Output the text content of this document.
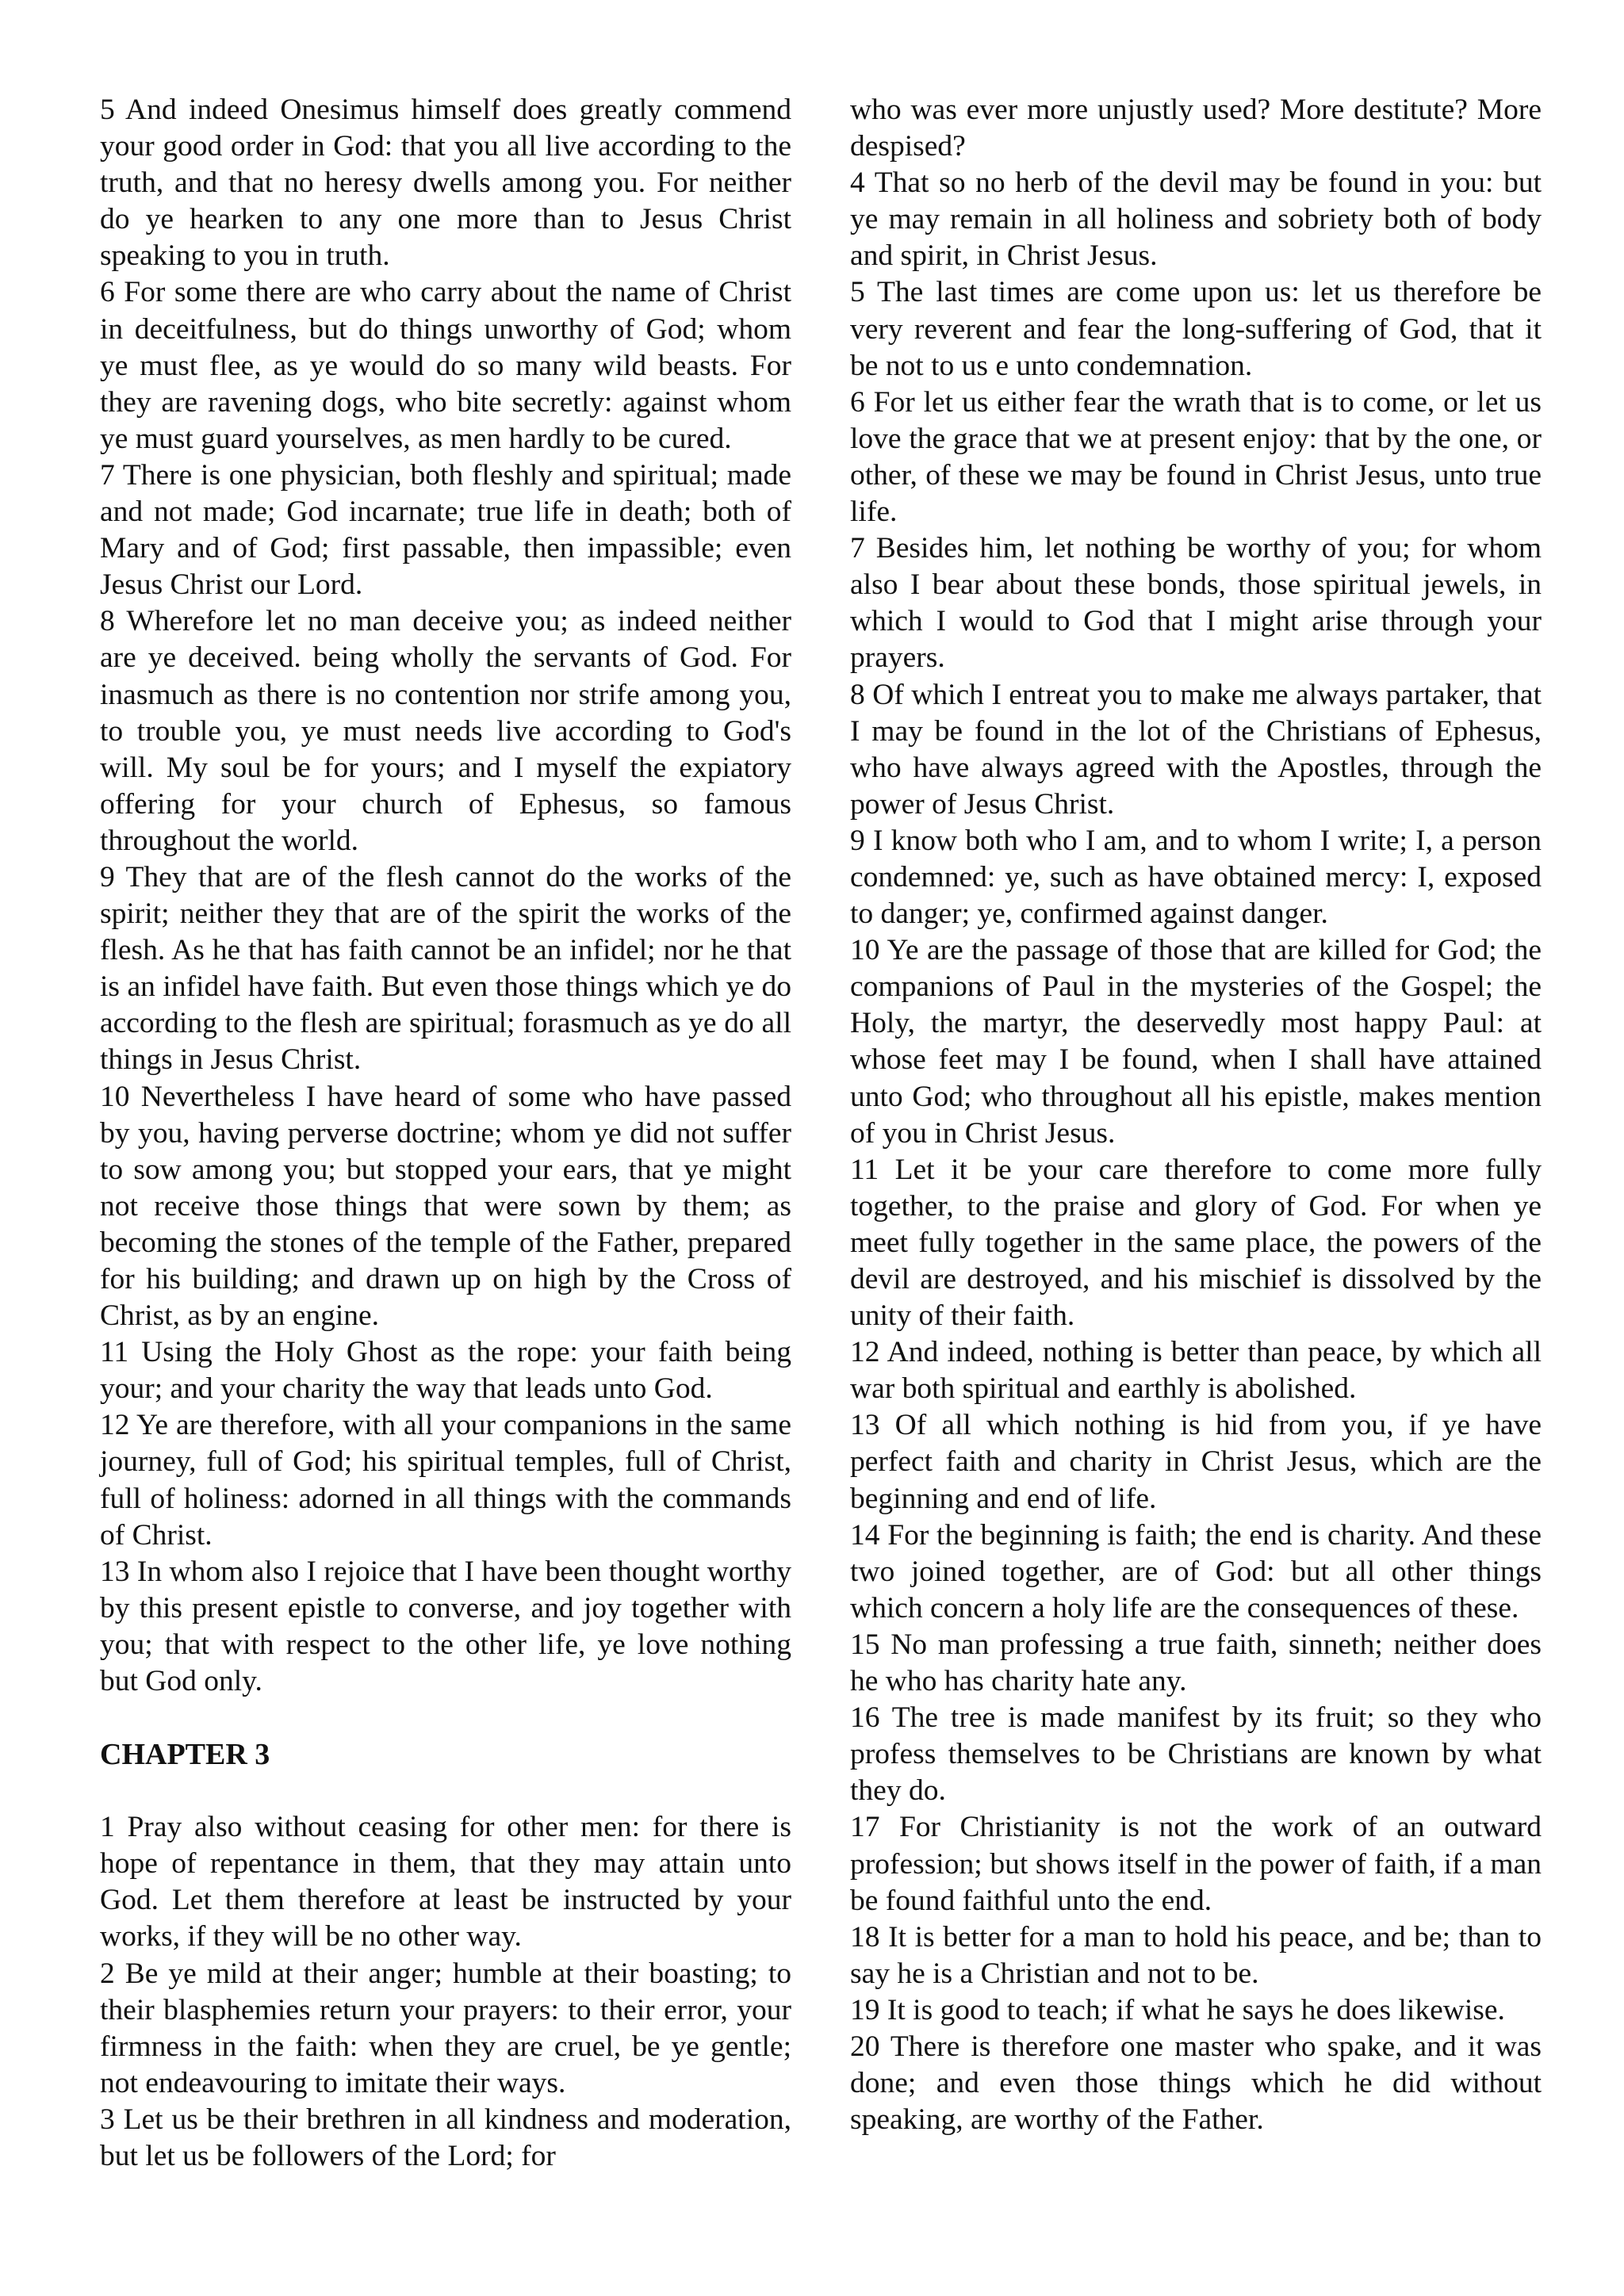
5 And indeed Onesimus himself does greatly commend your good order in God: that you all live according to the truth, and that no heresy dwells among you. For neither do ye hearken to any one more than to Jesus Christ speaking to you in truth.

6 For some there are who carry about the name of Christ in deceitfulness, but do things unworthy of God; whom ye must flee, as ye would do so many wild beasts. For they are ravening dogs, who bite secretly: against whom ye must guard yourselves, as men hardly to be cured.

7 There is one physician, both fleshly and spiritual; made and not made; God incarnate; true life in death; both of Mary and of God; first passable, then impassible; even Jesus Christ our Lord.

8 Wherefore let no man deceive you; as indeed neither are ye deceived. being wholly the servants of God. For inasmuch as there is no contention nor strife among you, to trouble you, ye must needs live according to God's will. My soul be for yours; and I myself the expiatory offering for your church of Ephesus, so famous throughout the world.

9 They that are of the flesh cannot do the works of the spirit; neither they that are of the spirit the works of the flesh. As he that has faith cannot be an infidel; nor he that is an infidel have faith. But even those things which ye do according to the flesh are spiritual; forasmuch as ye do all things in Jesus Christ.

10 Nevertheless I have heard of some who have passed by you, having perverse doctrine; whom ye did not suffer to sow among you; but stopped your ears, that ye might not receive those things that were sown by them; as becoming the stones of the temple of the Father, prepared for his building; and drawn up on high by the Cross of Christ, as by an engine.

11 Using the Holy Ghost as the rope: your faith being your; and your charity the way that leads unto God.

12 Ye are therefore, with all your companions in the same journey, full of God; his spiritual temples, full of Christ, full of holiness: adorned in all things with the commands of Christ.

13 In whom also I rejoice that I have been thought worthy by this present epistle to converse, and joy together with you; that with respect to the other life, ye love nothing but God only.

CHAPTER 3

1 Pray also without ceasing for other men: for there is hope of repentance in them, that they may attain unto God. Let them therefore at least be instructed by your works, if they will be no other way.

2 Be ye mild at their anger; humble at their boasting; to their blasphemies return your prayers: to their error, your firmness in the faith: when they are cruel, be ye gentle; not endeavouring to imitate their ways.

3 Let us be their brethren in all kindness and moderation, but let us be followers of the Lord; for

who was ever more unjustly used? More destitute? More despised?

4 That so no herb of the devil may be found in you: but ye may remain in all holiness and sobriety both of body and spirit, in Christ Jesus.

5 The last times are come upon us: let us therefore be very reverent and fear the long-suffering of God, that it be not to us e unto condemnation.

6 For let us either fear the wrath that is to come, or let us love the grace that we at present enjoy: that by the one, or other, of these we may be found in Christ Jesus, unto true life.

7 Besides him, let nothing be worthy of you; for whom also I bear about these bonds, those spiritual jewels, in which I would to God that I might arise through your prayers.

8 Of which I entreat you to make me always partaker, that I may be found in the lot of the Christians of Ephesus, who have always agreed with the Apostles, through the power of Jesus Christ.

9 I know both who I am, and to whom I write; I, a person condemned: ye, such as have obtained mercy: I, exposed to danger; ye, confirmed against danger.

10 Ye are the passage of those that are killed for God; the companions of Paul in the mysteries of the Gospel; the Holy, the martyr, the deservedly most happy Paul: at whose feet may I be found, when I shall have attained unto God; who throughout all his epistle, makes mention of you in Christ Jesus.

11 Let it be your care therefore to come more fully together, to the praise and glory of God. For when ye meet fully together in the same place, the powers of the devil are destroyed, and his mischief is dissolved by the unity of their faith.

12 And indeed, nothing is better than peace, by which all war both spiritual and earthly is abolished.

13 Of all which nothing is hid from you, if ye have perfect faith and charity in Christ Jesus, which are the beginning and end of life.

14 For the beginning is faith; the end is charity. And these two joined together, are of God: but all other things which concern a holy life are the consequences of these.

15 No man professing a true faith, sinneth; neither does he who has charity hate any.

16 The tree is made manifest by its fruit; so they who profess themselves to be Christians are known by what they do.

17 For Christianity is not the work of an outward profession; but shows itself in the power of faith, if a man be found faithful unto the end.

18 It is better for a man to hold his peace, and be; than to say he is a Christian and not to be.

19 It is good to teach; if what he says he does likewise.

20 There is therefore one master who spake, and it was done; and even those things which he did without speaking, are worthy of the Father.
